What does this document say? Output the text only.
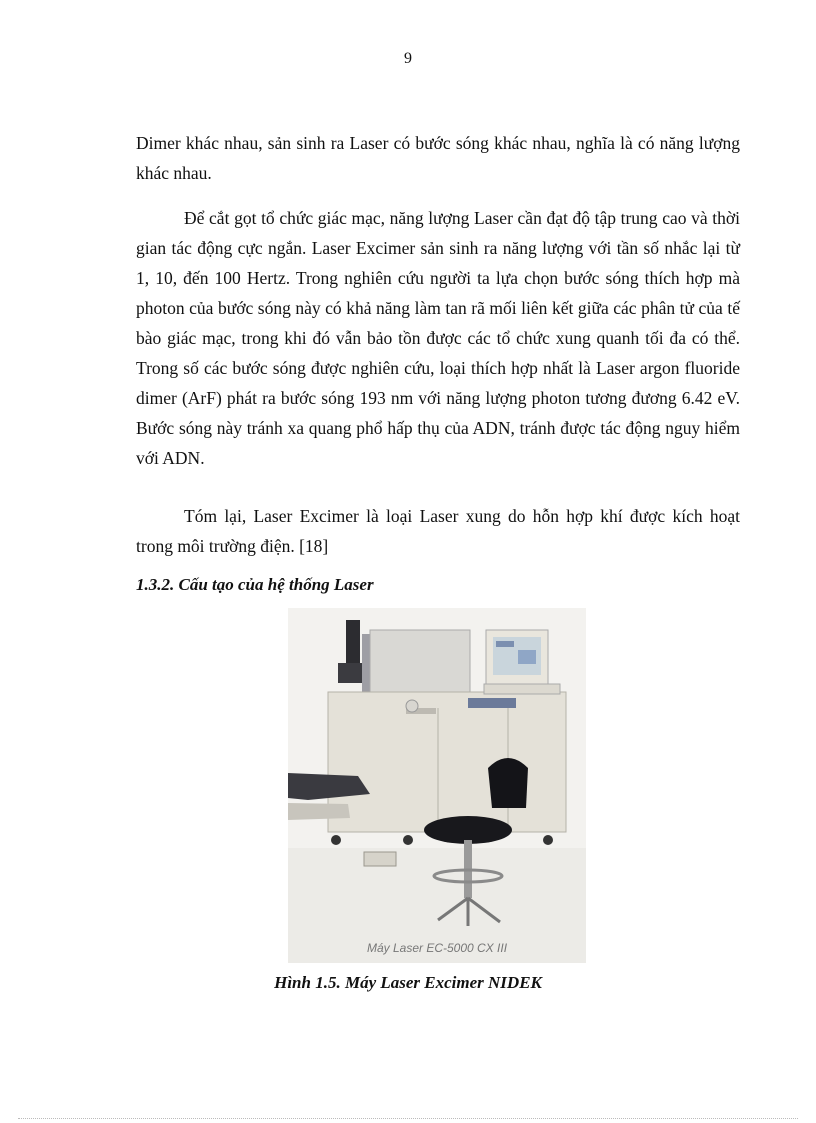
9

Dimer khác nhau, sản sinh ra Laser có bước sóng khác nhau, nghĩa là có năng lượng khác nhau.

Để cắt gọt tổ chức giác mạc, năng lượng Laser cần đạt độ tập trung cao và thời gian tác động cực ngắn. Laser Excimer sản sinh ra năng lượng với tần số nhắc lại từ 1, 10, đến 100 Hertz. Trong nghiên cứu người ta lựa chọn bước sóng thích hợp mà photon của bước sóng này có khả năng làm tan rã mối liên kết giữa các phân tử của tế bào giác mạc, trong khi đó vẫn bảo tồn được các tổ chức xung quanh tối đa có thể. Trong số các bước sóng được nghiên cứu, loại thích hợp nhất là Laser argon fluoride dimer (ArF) phát ra bước sóng 193 nm với năng lượng photon tương đương 6.42 eV. Bước sóng này tránh xa quang phổ hấp thụ của ADN, tránh được tác động nguy hiểm với ADN.

Tóm lại, Laser Excimer là loại Laser xung do hỗn hợp khí được kích hoạt trong môi trường điện. [18]

1.3.2. Cấu tạo của hệ thống Laser
Máy Laser EC-5000 CX III

Hình 1.5. Máy Laser Excimer NIDEK
